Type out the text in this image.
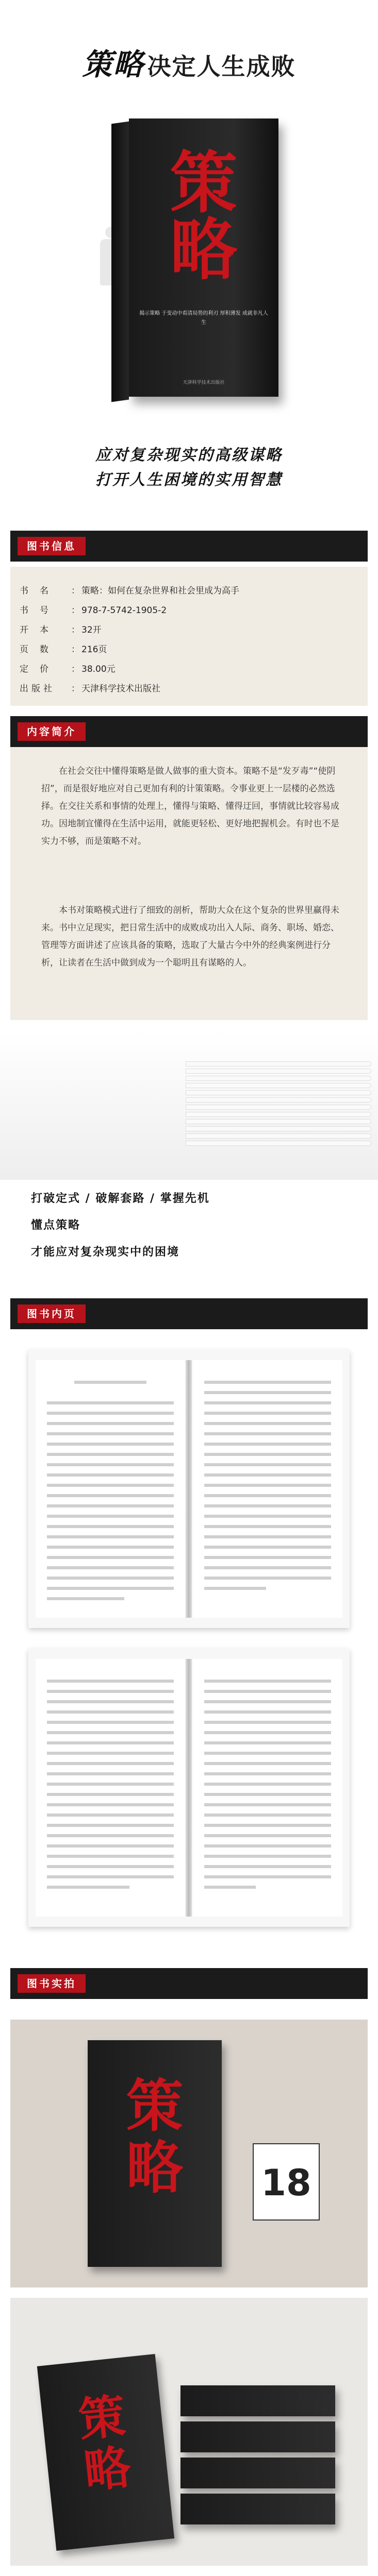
策略 决定人生成败
策
略
揭示策略 于变动中看清局势的利刃 厚积薄发 成就非凡人生
天津科学技术出版社
应对复杂现实的高级谋略
打开人生困境的实用智慧
图书信息
书名 ： 策略：如何在复杂世界和社会里成为高手
书号 ： 978-7-5742-1905-2
开本 ： 32开
页数 ： 216页
定价 ： 38.00元
出版社 ： 天津科学技术出版社
内容简介

在社会交往中懂得策略是做人做事的重大资本。策略不是“发歹毒”“使阴招”，而是很好地应对自己更加有利的计策策略。令事业更上一层楼的必然选择。在交往关系和事情的处理上，懂得与策略、懂得迂回，事情就比较容易成功。因地制宜懂得在生活中运用，就能更轻松、更好地把握机会。有时也不是实力不够，而是策略不对。

本书对策略模式进行了细致的剖析，帮助大众在这个复杂的世界里赢得未来。书中立足现实，把日常生活中的成败成功出入人际、商务、职场、婚恋、管理等方面讲述了应该具备的策略，选取了大量古今中外的经典案例进行分析，让读者在生活中做到成为一个聪明且有谋略的人。

打破定式 / 破解套路 / 掌握先机
懂点策略
才能应对复杂现实中的困境
图书内页
图书实拍
策
略	18
策
略
